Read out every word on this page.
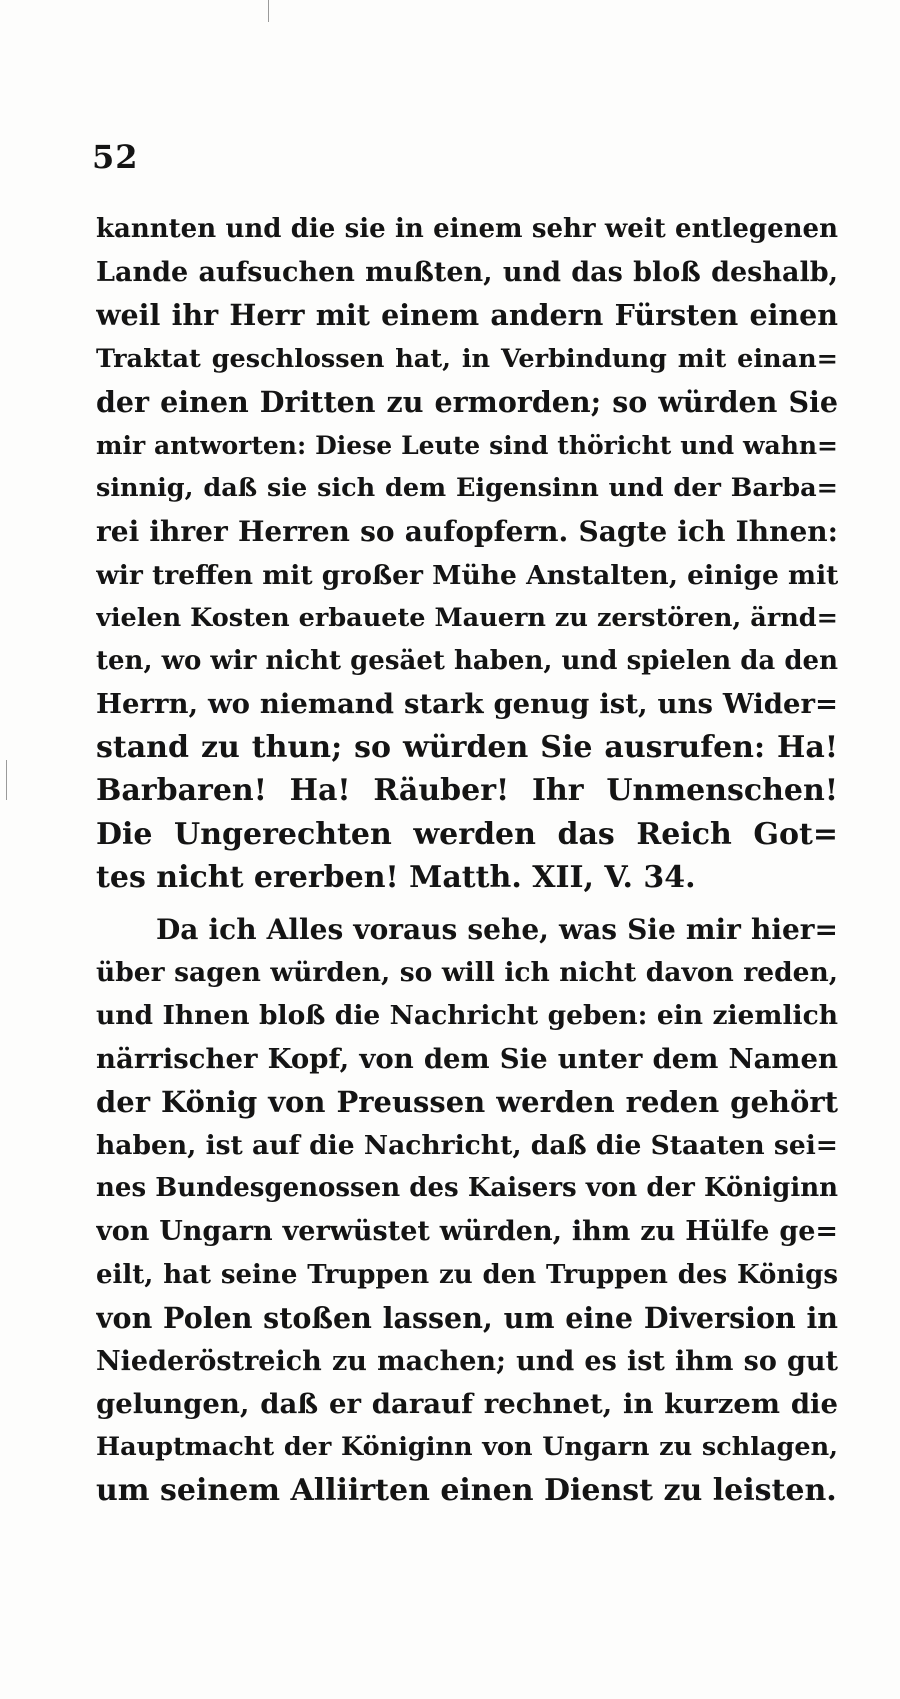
52
kannten und die sie in einem sehr weit entlegenen
Lande aufsuchen mußten, und das bloß deshalb,
weil ihr Herr mit einem andern Fürsten einen
Traktat geschlossen hat, in Verbindung mit einan=
der einen Dritten zu ermorden; so würden Sie
mir antworten: Diese Leute sind thöricht und wahn=
sinnig, daß sie sich dem Eigensinn und der Barba=
rei ihrer Herren so aufopfern. Sagte ich Ihnen:
wir treffen mit großer Mühe Anstalten, einige mit
vielen Kosten erbauete Mauern zu zerstören, ärnd=
ten, wo wir nicht gesäet haben, und spielen da den
Herrn, wo niemand stark genug ist, uns Wider=
stand zu thun; so würden Sie ausrufen: Ha!
Barbaren! Ha! Räuber! Ihr Unmenschen!
Die Ungerechten werden das Reich Got=
tes nicht ererben! Matth. XII, V. 34.
Da ich Alles voraus sehe, was Sie mir hier=
über sagen würden, so will ich nicht davon reden,
und Ihnen bloß die Nachricht geben: ein ziemlich
närrischer Kopf, von dem Sie unter dem Namen
der König von Preussen werden reden gehört
haben, ist auf die Nachricht, daß die Staaten sei=
nes Bundesgenossen des Kaisers von der Königinn
von Ungarn verwüstet würden, ihm zu Hülfe ge=
eilt, hat seine Truppen zu den Truppen des Königs
von Polen stoßen lassen, um eine Diversion in
Niederöstreich zu machen; und es ist ihm so gut
gelungen, daß er darauf rechnet, in kurzem die
Hauptmacht der Königinn von Ungarn zu schlagen,
um seinem Alliirten einen Dienst zu leisten.
